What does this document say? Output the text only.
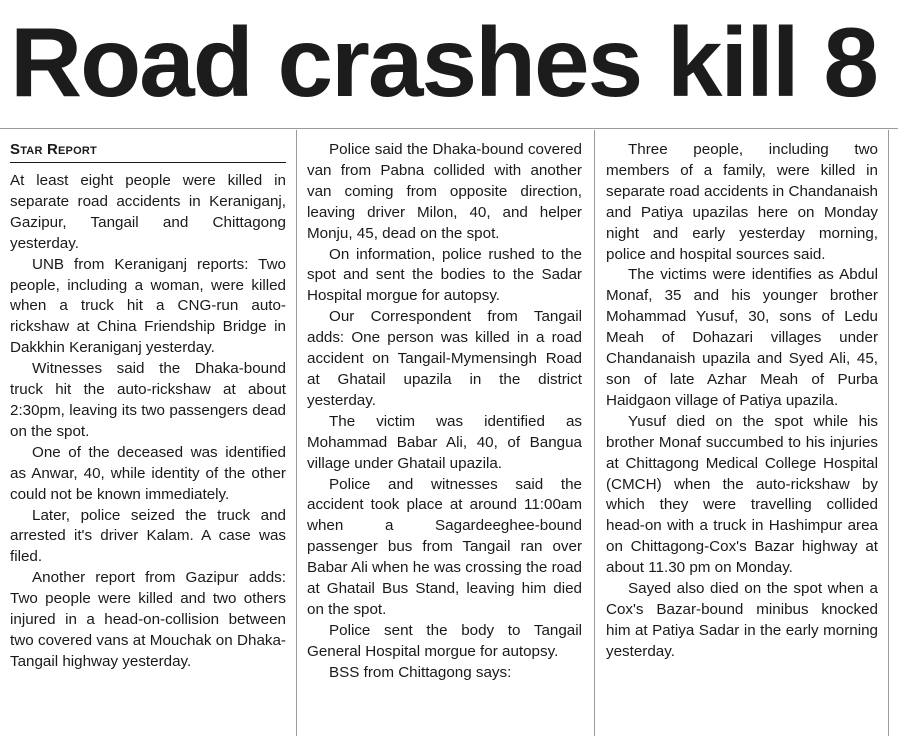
Road crashes kill 8
Star Report

At least eight people were killed in separate road accidents in Keraniganj, Gazipur, Tangail and Chittagong yesterday.

UNB from Keraniganj reports: Two people, including a woman, were killed when a truck hit a CNG-run auto-rickshaw at China Friendship Bridge in Dakkhin Keraniganj yesterday.

Witnesses said the Dhaka-bound truck hit the auto-rickshaw at about 2:30pm, leaving its two passengers dead on the spot.

One of the deceased was identified as Anwar, 40, while identity of the other could not be known immediately.

Later, police seized the truck and arrested it's driver Kalam. A case was filed.

Another report from Gazipur adds: Two people were killed and two others injured in a head-on-collision between two covered vans at Mouchak on Dhaka-Tangail highway yesterday.

Police said the Dhaka-bound covered van from Pabna collided with another van coming from opposite direction, leaving driver Milon, 40, and helper Monju, 45, dead on the spot.

On information, police rushed to the spot and sent the bodies to the Sadar Hospital morgue for autopsy.

Our Correspondent from Tangail adds: One person was killed in a road accident on Tangail-Mymensingh Road at Ghatail upazila in the district yesterday.

The victim was identified as Mohammad Babar Ali, 40, of Bangua village under Ghatail upazila.

Police and witnesses said the accident took place at around 11:00am when a Sagardeeghee-bound passenger bus from Tangail ran over Babar Ali when he was crossing the road at Ghatail Bus Stand, leaving him died on the spot.

Police sent the body to Tangail General Hospital morgue for autopsy.

BSS from Chittagong says:

Three people, including two members of a family, were killed in separate road accidents in Chandanaish and Patiya upazilas here on Monday night and early yesterday morning, police and hospital sources said.

The victims were identifies as Abdul Monaf, 35 and his younger brother Mohammad Yusuf, 30, sons of Ledu Meah of Dohazari villages under Chandanaish upazila and Syed Ali, 45, son of late Azhar Meah of Purba Haidgaon village of Patiya upazila.

Yusuf died on the spot while his brother Monaf succumbed to his injuries at Chittagong Medical College Hospital (CMCH) when the auto-rickshaw by which they were travelling collided head-on with a truck in Hashimpur area on Chittagong-Cox's Bazar highway at about 11.30 pm on Monday.

Sayed also died on the spot when a Cox's Bazar-bound minibus knocked him at Patiya Sadar in the early morning yesterday.
